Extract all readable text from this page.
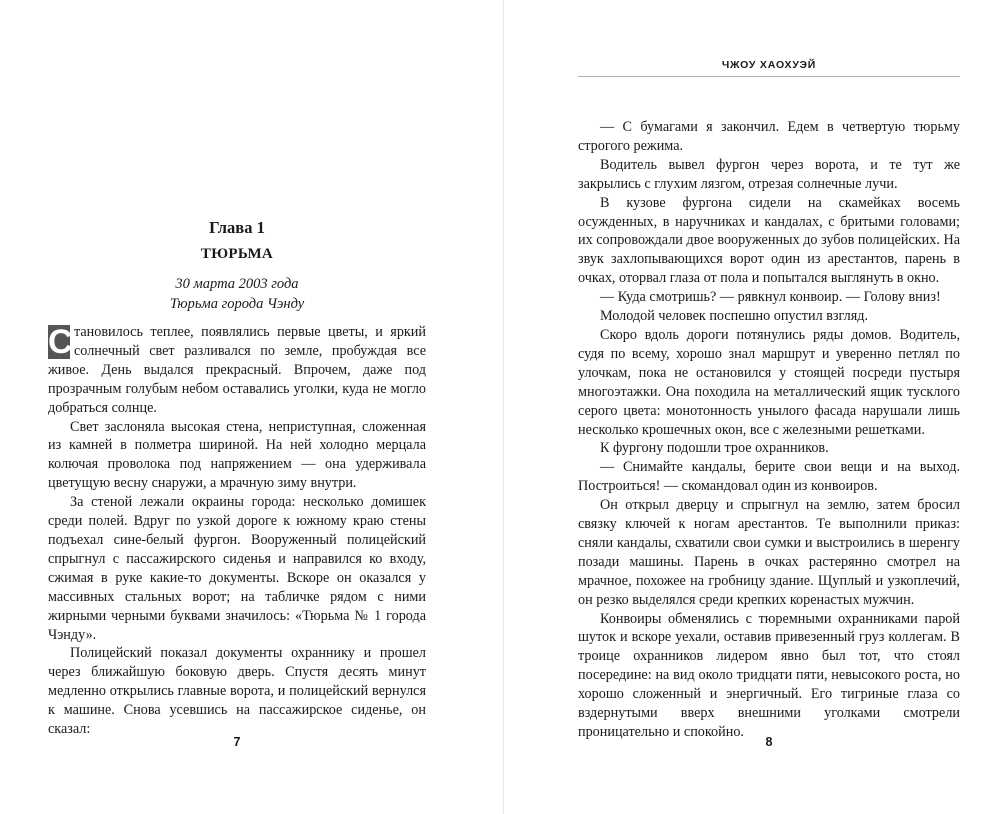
Глава 1
ТЮРЬМА
30 марта 2003 года
Тюрьма города Чэнду

С тановилось теплее, появлялись первые цветы, и яркий солнечный свет разливался по земле, пробуждая все живое. День выдался прекрасный. Впрочем, даже под прозрачным голубым небом оставались уголки, куда не могло добраться солнце.

Свет заслоняла высокая стена, неприступная, сложенная из камней в полметра шириной. На ней холодно мерцала колючая проволока под напряжением — она удерживала цветущую весну снаружи, а мрачную зиму внутри.

За стеной лежали окраины города: несколько домишек среди полей. Вдруг по узкой дороге к южному краю стены подъехал сине-белый фургон. Вооруженный полицейский спрыгнул с пассажирского сиденья и направился ко входу, сжимая в руке какие-то документы. Вскоре он оказался у массивных стальных ворот; на табличке рядом с ними жирными черными буквами значилось: «Тюрьма № 1 города Чэнду».

Полицейский показал документы охраннику и прошел через ближайшую боковую дверь. Спустя десять минут медленно открылись главные ворота, и полицейский вернулся к машине. Снова усевшись на пассажирское сиденье, он сказал:

7
ЧЖОУ ХАОХУЭЙ

— С бумагами я закончил. Едем в четвертую тюрьму строгого режима.

Водитель вывел фургон через ворота, и те тут же закрылись с глухим лязгом, отрезая солнечные лучи.

В кузове фургона сидели на скамейках восемь осужденных, в наручниках и кандалах, с бритыми головами; их сопровождали двое вооруженных до зубов полицейских. На звук захлопывающихся ворот один из арестантов, парень в очках, оторвал глаза от пола и попытался выглянуть в окно.

— Куда смотришь? — рявкнул конвоир. — Голову вниз!

Молодой человек поспешно опустил взгляд.

Скоро вдоль дороги потянулись ряды домов. Водитель, судя по всему, хорошо знал маршрут и уверенно петлял по улочкам, пока не остановился у стоящей посреди пустыря многоэтажки. Она походила на металлический ящик тусклого серого цвета: монотонность унылого фасада нарушали лишь несколько крошечных окон, все с железными решетками.

К фургону подошли трое охранников.

— Снимайте кандалы, берите свои вещи и на выход. Построиться! — скомандовал один из конвоиров.

Он открыл дверцу и спрыгнул на землю, затем бросил связку ключей к ногам арестантов. Те выполнили приказ: сняли кандалы, схватили свои сумки и выстроились в шеренгу позади машины. Парень в очках растерянно смотрел на мрачное, похожее на гробницу здание. Щуплый и узкоплечий, он резко выделялся среди крепких коренастых мужчин.

Конвоиры обменялись с тюремными охранниками парой шуток и вскоре уехали, оставив привезенный груз коллегам. В троице охранников лидером явно был тот, что стоял посередине: на вид около тридцати пяти, невысокого роста, но хорошо сложенный и энергичный. Его тигриные глаза со вздернутыми вверх внешними уголками смотрели проницательно и спокойно.

8
